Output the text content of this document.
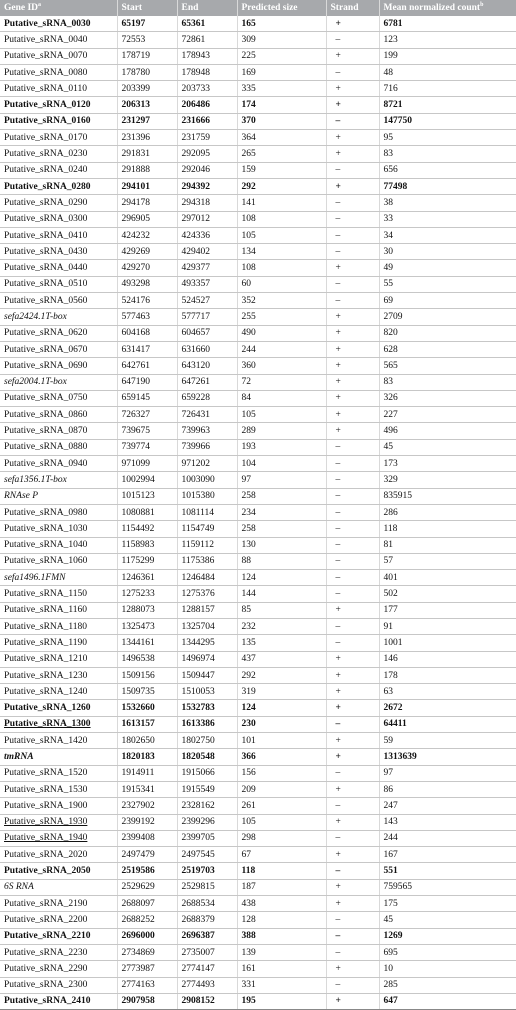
Gene $ID^a$	Start	End	Predicted size	Strand	Mean normalized count$^b$
Putative_sRNA_0030	65197	65361	165	+	6781
Putative_sRNA_0040	72553	72861	309	–	123
Putative_sRNA_0070	178719	178943	225	+	199
Putative_sRNA_0080	178780	178948	169	–	48
Putative_sRNA_0110	203399	203733	335	+	716
Putative_sRNA_0120	206313	206486	174	+	8721
Putative_sRNA_0160	231297	231666	370	–	147750
Putative_sRNA_0170	231396	231759	364	+	95
Putative_sRNA_0230	291831	292095	265	+	83
Putative_sRNA_0240	291888	292046	159	–	656
Putative_sRNA_0280	294101	294392	292	+	77498
Putative_sRNA_0290	294178	294318	141	–	38
Putative_sRNA_0300	296905	297012	108	–	33
Putative_sRNA_0410	424232	424336	105	–	34
Putative_sRNA_0430	429269	429402	134	–	30
Putative_sRNA_0440	429270	429377	108	+	49
Putative_sRNA_0510	493298	493357	60	–	55
Putative_sRNA_0560	524176	524527	352	–	69
sefa2424.1T-box	577463	577717	255	+	2709
Putative_sRNA_0620	604168	604657	490	+	820
Putative_sRNA_0670	631417	631660	244	+	628
Putative_sRNA_0690	642761	643120	360	+	565
sefa2004.1T-box	647190	647261	72	+	83
Putative_sRNA_0750	659145	659228	84	+	326
Putative_sRNA_0860	726327	726431	105	+	227
Putative_sRNA_0870	739675	739963	289	+	496
Putative_sRNA_0880	739774	739966	193	–	45
Putative_sRNA_0940	971099	971202	104	–	173
sefa1356.1T-box	1002994	1003090	97	–	329
RNAse P	1015123	1015380	258	–	835915
Putative_sRNA_0980	1080881	1081114	234	–	286
Putative_sRNA_1030	1154492	1154749	258	–	118
Putative_sRNA_1040	1158983	1159112	130	–	81
Putative_sRNA_1060	1175299	1175386	88	–	57
sefa1496.1FMN	1246361	1246484	124	–	401
Putative_sRNA_1150	1275233	1275376	144	–	502
Putative_sRNA_1160	1288073	1288157	85	+	177
Putative_sRNA_1180	1325473	1325704	232	–	91
Putative_sRNA_1190	1344161	1344295	135	–	1001
Putative_sRNA_1210	1496538	1496974	437	+	146
Putative_sRNA_1230	1509156	1509447	292	+	178
Putative_sRNA_1240	1509735	1510053	319	+	63
Putative_sRNA_1260	1532660	1532783	124	+	2672
Putative_sRNA_1300	1613157	1613386	230	–	64411
Putative_sRNA_1420	1802650	1802750	101	+	59
tmRNA	1820183	1820548	366	+	1313639
Putative_sRNA_1520	1914911	1915066	156	–	97
Putative_sRNA_1530	1915341	1915549	209	+	86
Putative_sRNA_1900	2327902	2328162	261	–	247
Putative_sRNA_1930	2399192	2399296	105	+	143
Putative_sRNA_1940	2399408	2399705	298	–	244
Putative_sRNA_2020	2497479	2497545	67	+	167
Putative_sRNA_2050	2519586	2519703	118	–	551
6S RNA	2529629	2529815	187	+	759565
Putative_sRNA_2190	2688097	2688534	438	+	175
Putative_sRNA_2200	2688252	2688379	128	–	45
Putative_sRNA_2210	2696000	2696387	388	–	1269
Putative_sRNA_2230	2734869	2735007	139	–	695
Putative_sRNA_2290	2773987	2774147	161	+	10
Putative_sRNA_2300	2774163	2774493	331	–	285
Putative_sRNA_2410	2907958	2908152	195	+	647
